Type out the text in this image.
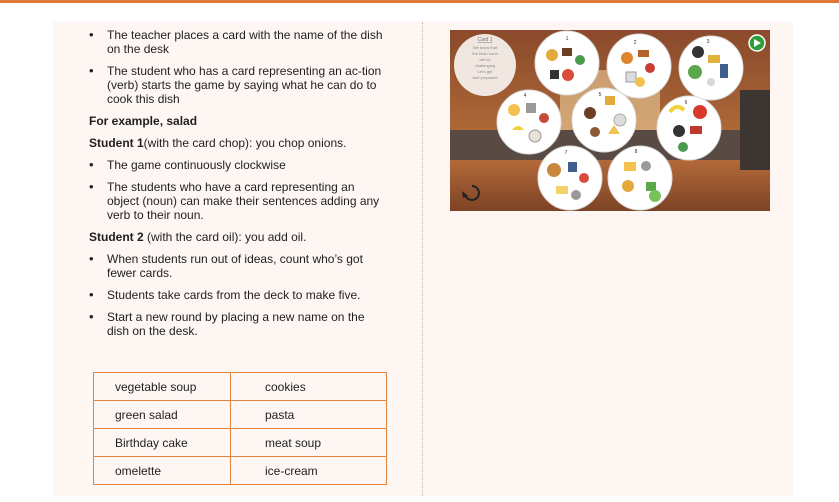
• The teacher places a card with the name of the dish on the desk
• The student who has a card representing an ac-tion (verb) starts the game by saying what he can do to cook this dish
For example, salad
Student 1(with the card chop): you chop onions.
• The game continuously clockwise
• The students who have a card representing an object (noun) can make their sentences adding any verb to their noun.
Student 2 (with the card oil): you add oil.
• When students run out of ideas, count who’s got fewer cards.
• Students take cards from the deck to make five.
• Start a new round by placing a new name on the dish on the desk.
vegetable soup	cookies
green salad	pasta
Birthday cake	meat soup
omelette	ice-cream
Card 1
We know that
the final round
will be
challenging
Let's get
well prepared!
1
2	3
4	5
6
7	8
